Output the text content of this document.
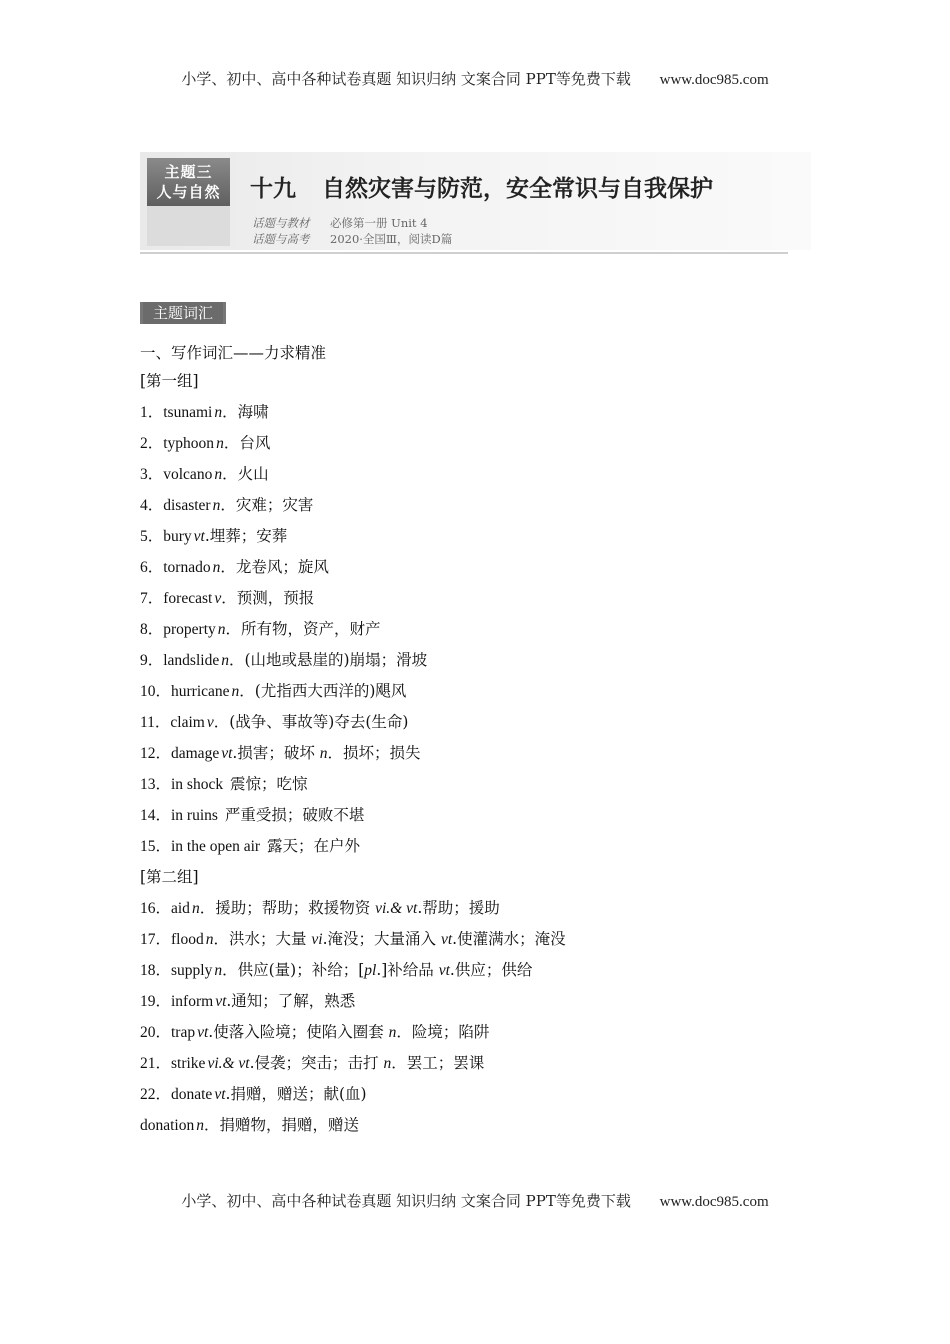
小学、初中、高中各种试卷真题 知识归纳 文案合同 PPT等免费下载 www.doc985.com
主题三
人与自然	十九 自然灾害与防范，安全常识与自我保护
话题与教材 必修第一册 Unit 4
话题与高考 2020·全国Ⅲ，阅读D篇
主题词汇

一、写作词汇——力求精准

[第一组]
1．tsunami n．海啸
2．typhoon n．台风
3．volcano n．火山
4．disaster n．灾难；灾害
5．bury vt.埋葬；安葬
6．tornado n．龙卷风；旋风
7．forecast v．预测，预报
8．property n．所有物，资产，财产
9．landslide n．(山地或悬崖的)崩塌；滑坡
10．hurricane n．(尤指西大西洋的)飓风
11．claim v．(战争、事故等)夺去(生命)
12．damage vt.损害；破坏 n．损坏；损失
13．in shock 震惊；吃惊
14．in ruins 严重受损；破败不堪
15．in the open air 露天；在户外
[第二组]
16．aid n．援助；帮助；救援物资 vi.& vt.帮助；援助
17．flood n．洪水；大量 vi.淹没；大量涌入 vt.使灌满水；淹没
18．supply n．供应(量)；补给；[pl.]补给品 vt.供应；供给
19．inform vt.通知；了解，熟悉
20．trap vt.使落入险境；使陷入圈套 n．险境；陷阱
21．strike vi.& vt.侵袭；突击；击打 n．罢工；罢课
22．donate vt.捐赠，赠送；献(血)
donation n．捐赠物，捐赠，赠送
小学、初中、高中各种试卷真题 知识归纳 文案合同 PPT等免费下载 www.doc985.com
